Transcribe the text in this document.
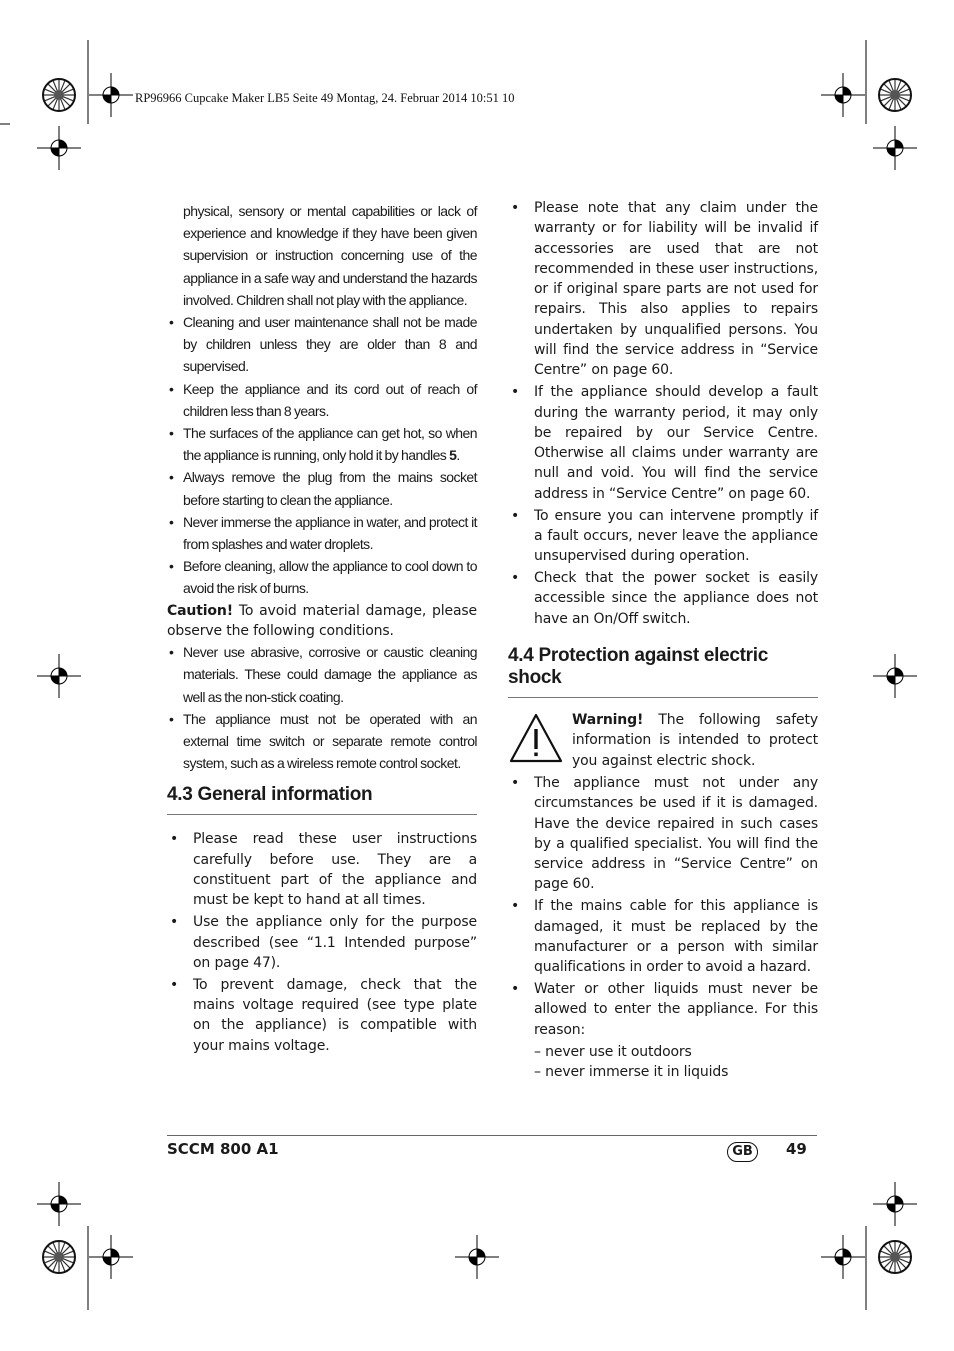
RP96966 Cupcake Maker LB5 Seite 49 Montag, 24. Februar 2014 10:51 10

physical, sensory or mental capabilities or lack of experience and knowledge if they have been given supervision or instruction concerning use of the appliance in a safe way and understand the hazards involved. Children shall not play with the appliance.

• Cleaning and user maintenance shall not be made by children unless they are older than 8 and supervised.

• Keep the appliance and its cord out of reach of children less than 8 years.

• The surfaces of the appliance can get hot, so when the appliance is running, only hold it by handles 5.

• Always remove the plug from the mains socket before starting to clean the appliance.

• Never immerse the appliance in water, and protect it from splashes and water droplets.

• Before cleaning, allow the appliance to cool down to avoid the risk of burns.

Caution! To avoid material damage, please observe the following conditions.

• Never use abrasive, corrosive or caustic cleaning materials. These could damage the appliance as well as the non-stick coating.

• The appliance must not be operated with an external time switch or separate remote control system, such as a wireless remote control socket.

4.3 General information
• Please read these user instructions carefully before use. They are a constituent part of the appliance and must be kept to hand at all times.
• Use the appliance only for the purpose described (see “1.1 Intended purpose” on page 47).
• To prevent damage, check that the mains voltage required (see type plate on the appliance) is compatible with your mains voltage.
• Please note that any claim under the warranty or for liability will be invalid if accessories are used that are not recommended in these user instructions, or if original spare parts are not used for repairs. This also applies to repairs undertaken by unqualified persons. You will find the service address in “Service Centre” on page 60.
• If the appliance should develop a fault during the warranty period, it may only be repaired by our Service Centre. Otherwise all claims under warranty are null and void. You will find the service address in “Service Centre” on page 60.
• To ensure you can intervene promptly if a fault occurs, never leave the appliance unsupervised during operation.
• Check that the power socket is easily accessible since the appliance does not have an On/Off switch.
4.4 Protection against electric shock

Warning! The following safety information is intended to protect you against electric shock.

• The appliance must not under any circumstances be used if it is damaged. Have the device repaired in such cases by a qualified specialist. You will find the service address in “Service Centre” on page 60.
• If the mains cable for this appliance is damaged, it must be replaced by the manufacturer or a person with similar qualifications in order to avoid a hazard.
• Water or other liquids must never be allowed to enter the appliance. For this reason:

– never use it outdoors

– never immerse it in liquids

SCCM 800 A1	GB	49
